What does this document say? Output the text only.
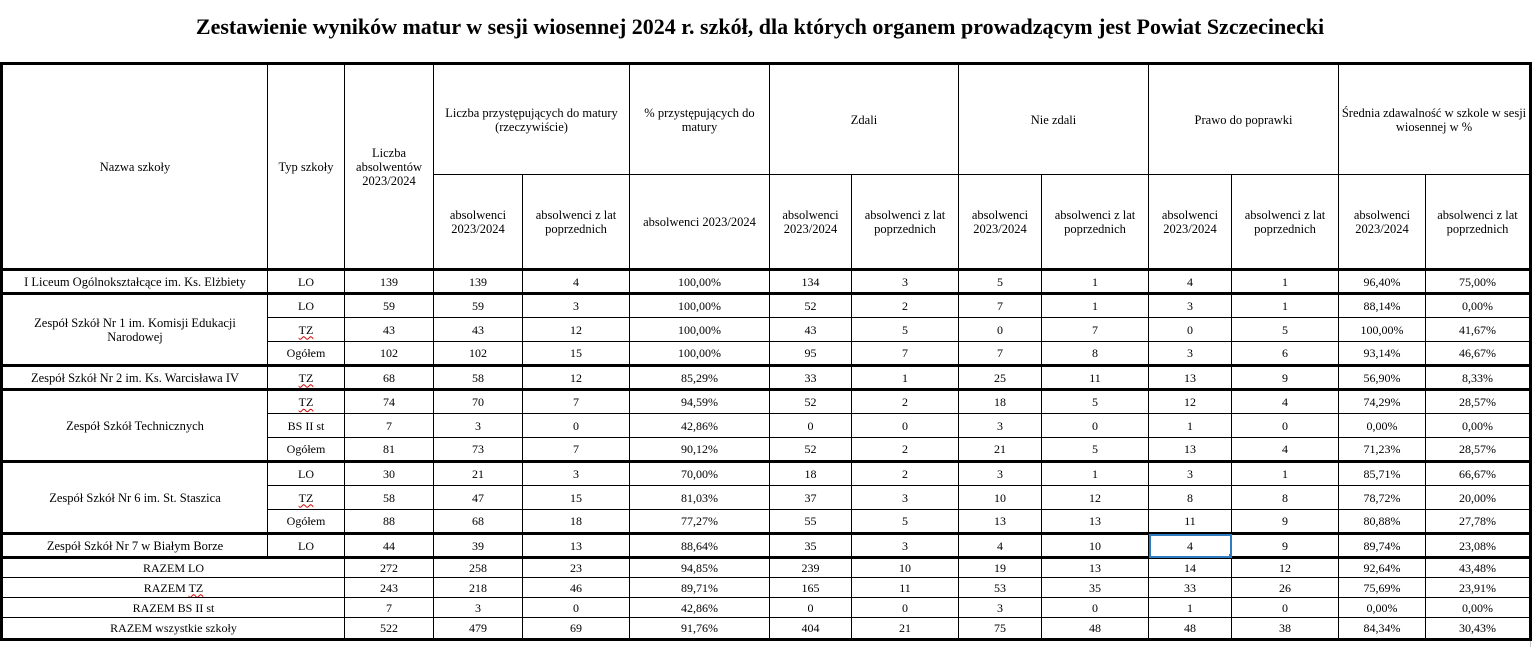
Zestawienie wyników matur w sesji wiosennej 2024 r. szkół, dla których organem prowadzącym jest Powiat Szczecinecki
Nazwa szkoły	Typ szkoły	Liczba absolwentów 2023/2024	Liczba przystępujących do matury (rzeczywiście)		% przystępujących do matury	Zdali		Nie zdali		Prawo do poprawki		Średnia zdawalność w szkole w sesji wiosennej w %	
			absolwenci 2023/2024	absolwenci z lat poprzednich	absolwenci 2023/2024	absolwenci 2023/2024	absolwenci z lat poprzednich	absolwenci 2023/2024	absolwenci z lat poprzednich	absolwenci 2023/2024	absolwenci z lat poprzednich	absolwenci 2023/2024	absolwenci z lat poprzednich
I Liceum Ogólnokształcące im. Ks. Elżbiety	LO	139	139	4	100,00%	134	3	5	1	4	1	96,40%	75,00%
Zespół Szkół Nr 1 im. Komisji Edukacji Narodowej	LO	59	59	3	100,00%	52	2	7	1	3	1	88,14%	0,00%
	TZ	43	43	12	100,00%	43	5	0	7	0	5	100,00%	41,67%
	Ogółem	102	102	15	100,00%	95	7	7	8	3	6	93,14%	46,67%
Zespół Szkół Nr 2 im. Ks. Warcisława IV	TZ	68	58	12	85,29%	33	1	25	11	13	9	56,90%	8,33%
Zespół Szkół Technicznych	TZ	74	70	7	94,59%	52	2	18	5	12	4	74,29%	28,57%
	BS II st	7	3	0	42,86%	0	0	3	0	1	0	0,00%	0,00%
	Ogółem	81	73	7	90,12%	52	2	21	5	13	4	71,23%	28,57%
Zespół Szkół Nr 6 im. St. Staszica	LO	30	21	3	70,00%	18	2	3	1	3	1	85,71%	66,67%
	TZ	58	47	15	81,03%	37	3	10	12	8	8	78,72%	20,00%
	Ogółem	88	68	18	77,27%	55	5	13	13	11	9	80,88%	27,78%
Zespół Szkół Nr 7 w Białym Borze	LO	44	39	13	88,64%	35	3	4	10	4	9	89,74%	23,08%
RAZEM LO		272	258	23	94,85%	239	10	19	13	14	12	92,64%	43,48%
RAZEM TZ		243	218	46	89,71%	165	11	53	35	33	26	75,69%	23,91%
RAZEM BS II st		7	3	0	42,86%	0	0	3	0	1	0	0,00%	0,00%
RAZEM wszystkie szkoły		522	479	69	91,76%	404	21	75	48	48	38	84,34%	30,43%
